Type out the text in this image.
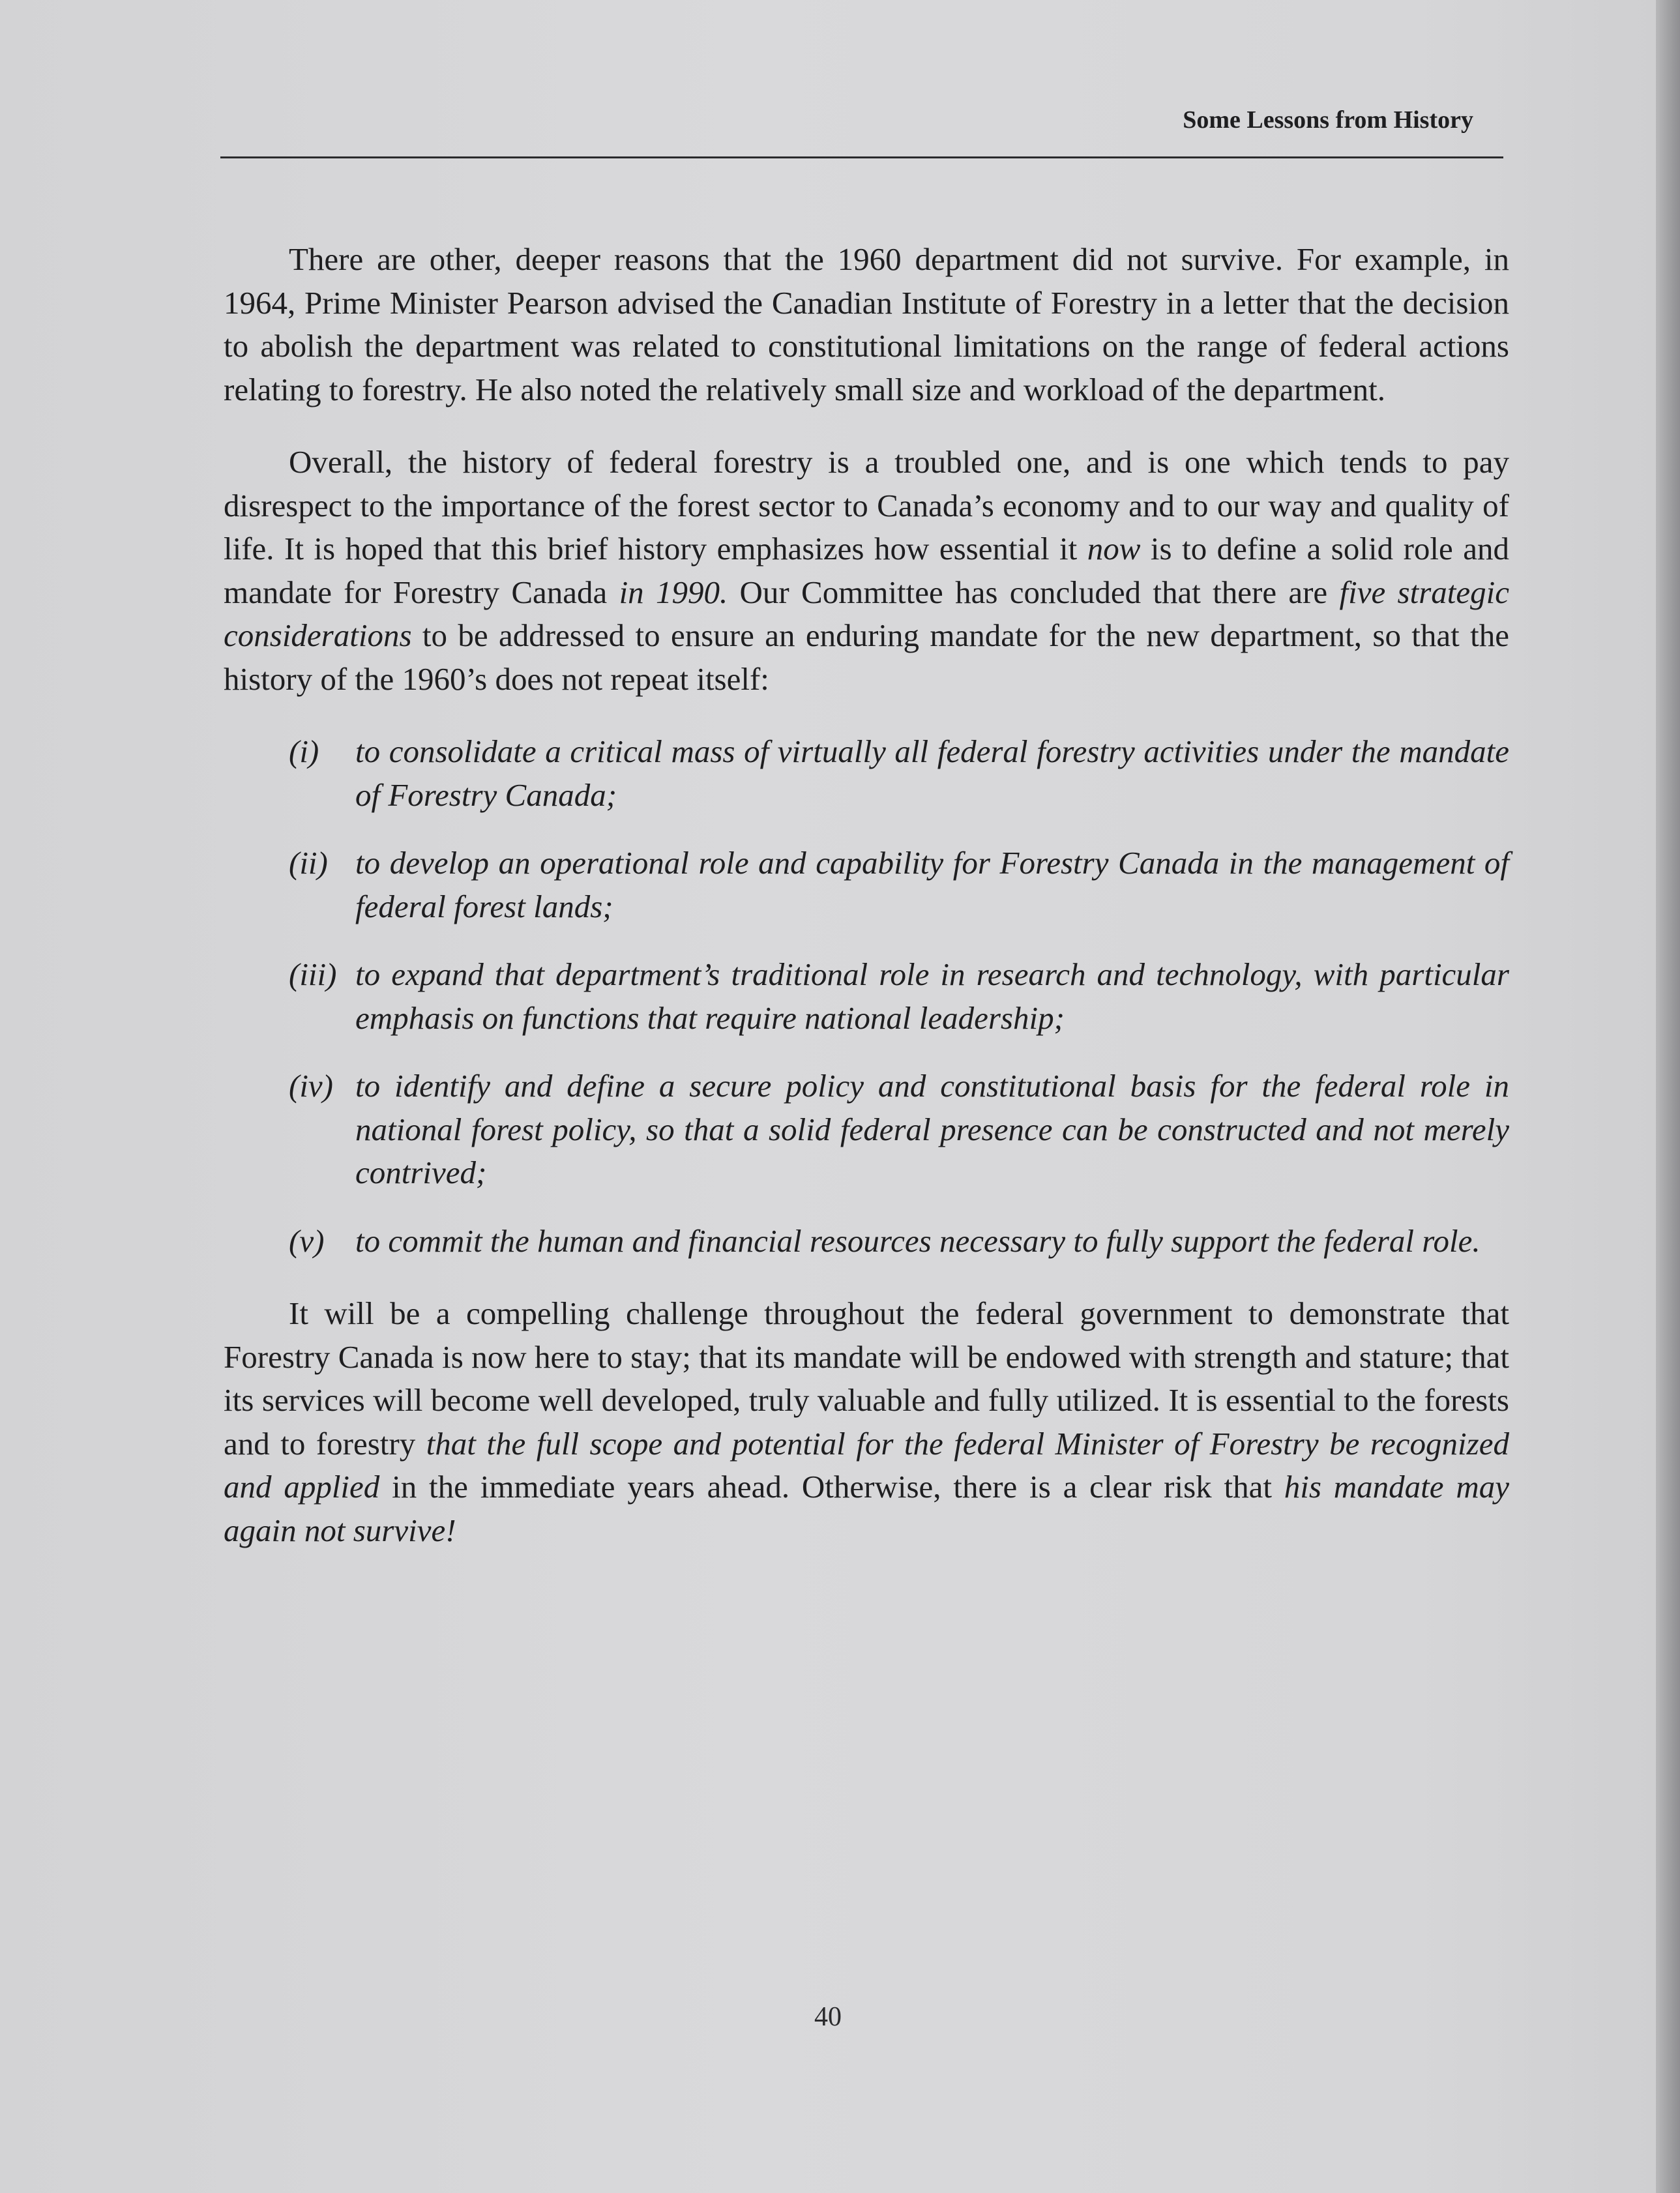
Some Lessons from History

There are other, deeper reasons that the 1960 department did not survive. For example, in 1964, Prime Minister Pearson advised the Canadian Institute of Forestry in a letter that the decision to abolish the department was related to constitutional limitations on the range of federal actions relating to forestry. He also noted the relatively small size and workload of the department.

Overall, the history of federal forestry is a troubled one, and is one which tends to pay disrespect to the importance of the forest sector to Canada’s economy and to our way and quality of life. It is hoped that this brief history emphasizes how essential it now is to define a solid role and mandate for Forestry Canada in 1990. Our Committee has concluded that there are five strategic considerations to be addressed to ensure an enduring mandate for the new department, so that the history of the 1960’s does not repeat itself:

(i) to consolidate a critical mass of virtually all federal forestry activities under the mandate of Forestry Canada;
(ii) to develop an operational role and capability for Forestry Canada in the management of federal forest lands;
(iii) to expand that department’s traditional role in research and technology, with particular emphasis on functions that require national leadership;
(iv) to identify and define a secure policy and constitutional basis for the federal role in national forest policy, so that a solid federal presence can be constructed and not merely contrived;
(v) to commit the human and financial resources necessary to fully support the federal role.

It will be a compelling challenge throughout the federal government to demonstrate that Forestry Canada is now here to stay; that its mandate will be endowed with strength and stature; that its services will become well developed, truly valuable and fully utilized. It is essential to the forests and to forestry that the full scope and potential for the federal Minister of Forestry be recognized and applied in the immediate years ahead. Otherwise, there is a clear risk that his mandate may again not survive!

40
